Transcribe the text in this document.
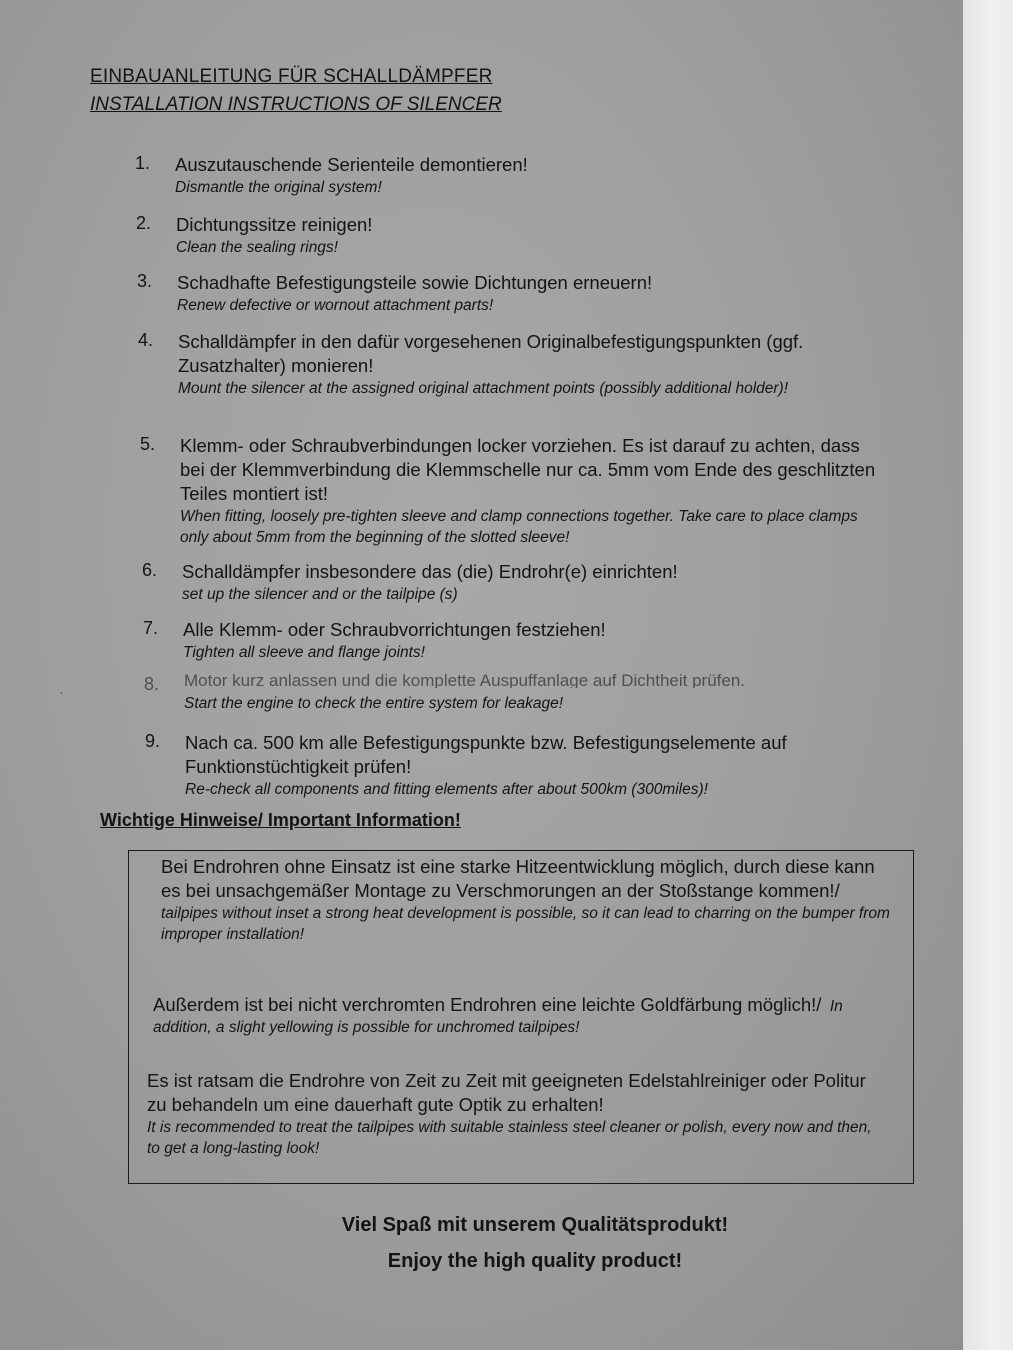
EINBAUANLEITUNG FÜR SCHALLDÄMPFER
INSTALLATION INSTRUCTIONS OF SILENCER
1.	Auszutauschende Serienteile demontieren!
Dismantle the original system!
2.	Dichtungssitze reinigen!
Clean the sealing rings!
3.	Schadhafte Befestigungsteile sowie Dichtungen erneuern!
Renew defective or wornout attachment parts!
4.	Schalldämpfer in den dafür vorgesehenen Originalbefestigungspunkten (ggf. Zusatzhalter) monieren!
Mount the silencer at the assigned original attachment points (possibly additional holder)!
5.	Klemm- oder Schraubverbindungen locker vorziehen. Es ist darauf zu achten, dass bei der Klemmverbindung die Klemmschelle nur ca. 5mm vom Ende des geschlitzten Teiles montiert ist!
When fitting, loosely pre-tighten sleeve and clamp connections together. Take care to place clamps only about 5mm from the beginning of the slotted sleeve!
6.	Schalldämpfer insbesondere das (die) Endrohr(e) einrichten!
set up the silencer and or the tailpipe (s)
7.	Alle Klemm- oder Schraubvorrichtungen festziehen!
Tighten all sleeve and flange joints!
8.	Motor kurz anlassen und die komplette Auspuffanlage auf Dichtheit prüfen.
Start the engine to check the entire system for leakage!
˙
9.	Nach ca. 500 km alle Befestigungspunkte bzw. Befestigungselemente auf Funktionstüchtigkeit prüfen!
Re-check all components and fitting elements after about 500km (300miles)!
Wichtige Hinweise/ Important Information!
Bei Endrohren ohne Einsatz ist eine starke Hitzeentwicklung möglich, durch diese kann es bei unsachgemäßer Montage zu Verschmorungen an der Stoßstange kommen!/
tailpipes without inset a strong heat development is possible, so it can lead to charring on the bumper from improper installation!
Außerdem ist bei nicht verchromten Endrohren eine leichte Goldfärbung möglich!/ In addition, a slight yellowing is possible for unchromed tailpipes!
Es ist ratsam die Endrohre von Zeit zu Zeit mit geeigneten Edelstahlreiniger oder Politur zu behandeln um eine dauerhaft gute Optik zu erhalten!
It is recommended to treat the tailpipes with suitable stainless steel cleaner or polish, every now and then, to get a long-lasting look!
Viel Spaß mit unserem Qualitätsprodukt!
Enjoy the high quality product!
